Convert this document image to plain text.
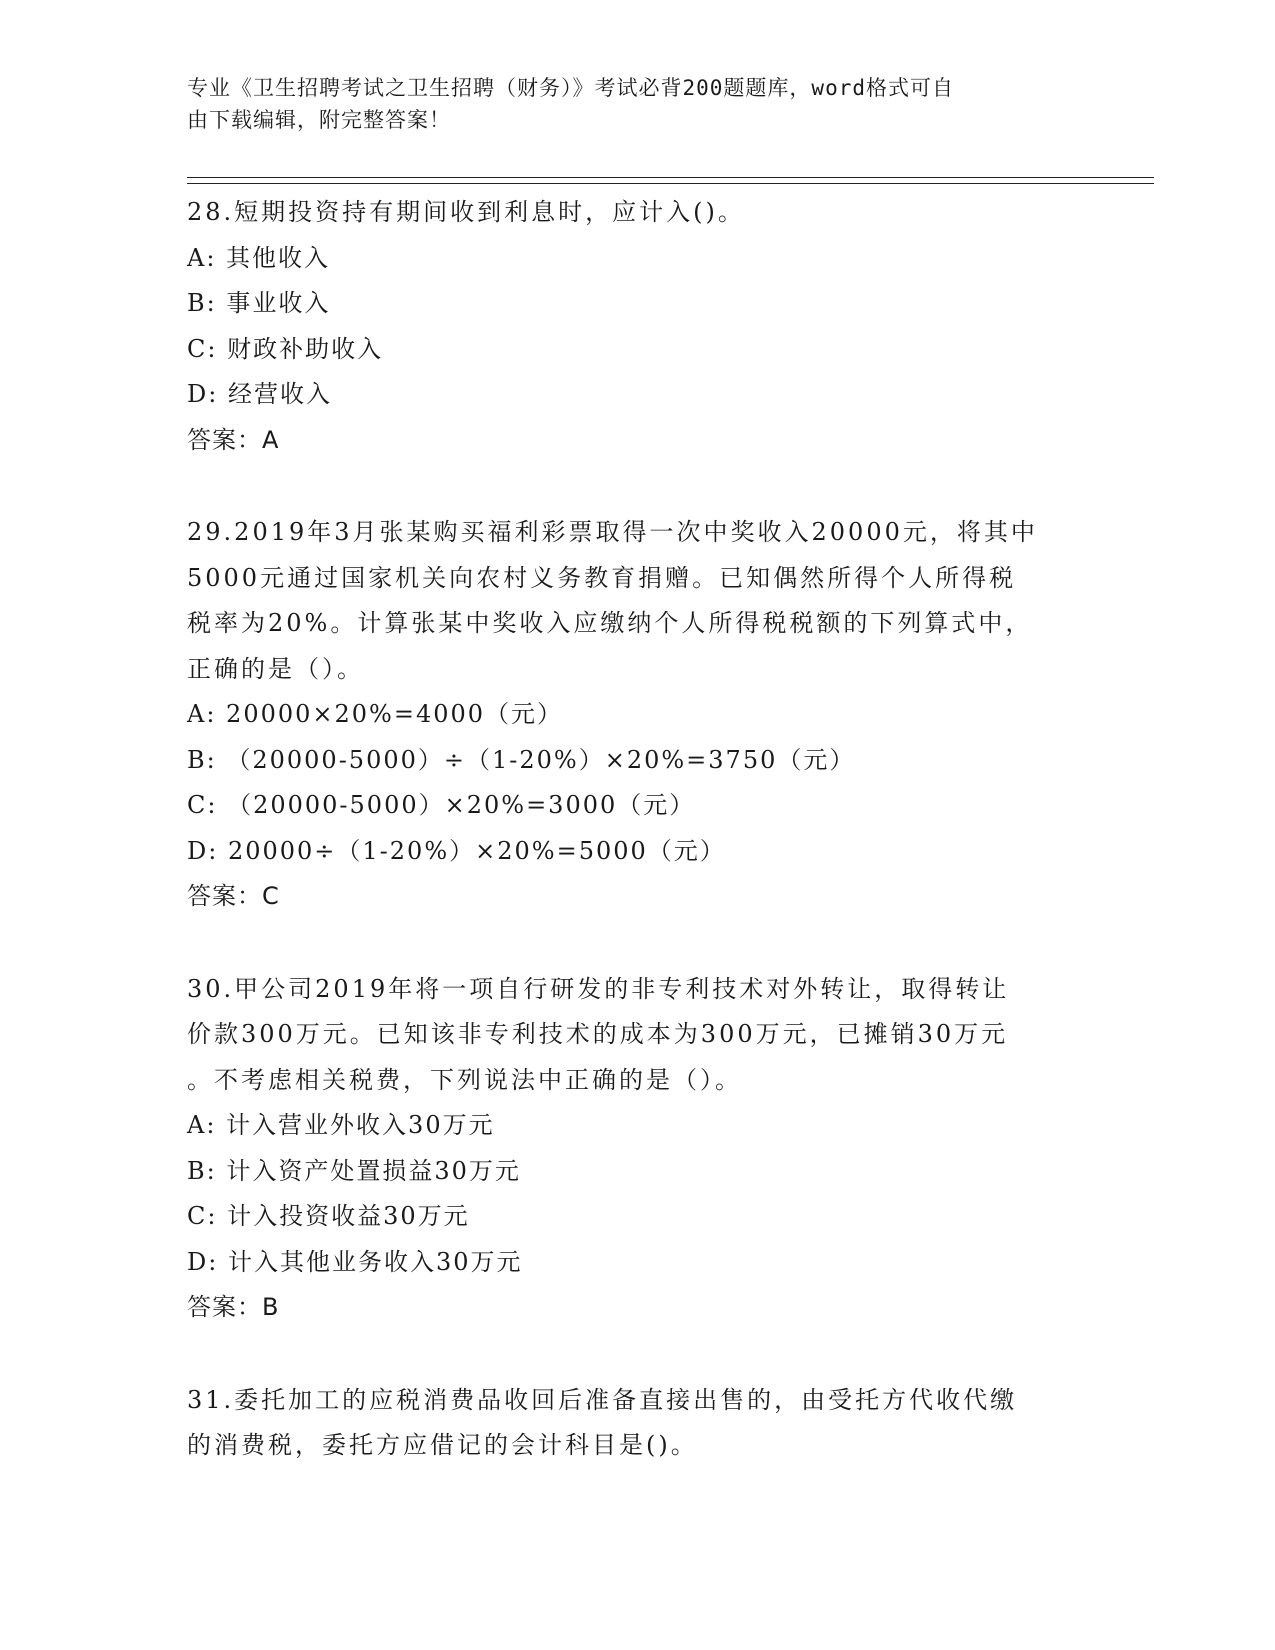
专业《卫生招聘考试之卫生招聘（财务）》考试必背200题题库，word格式可自
由下载编辑，附完整答案！

28.短期投资持有期间收到利息时，应计入()。

A: 其他收入

B: 事业收入

C: 财政补助收入

D: 经营收入

答案：A

29.2019年3月张某购买福利彩票取得一次中奖收入20000元，将其中

5000元通过国家机关向农村义务教育捐赠。已知偶然所得个人所得税

税率为20%。计算张某中奖收入应缴纳个人所得税税额的下列算式中，

正确的是（）。

A: 20000×20%=4000（元）

B: （20000-5000）÷（1-20%）×20%=3750（元）

C: （20000-5000）×20%=3000（元）

D: 20000÷（1-20%）×20%=5000（元）

答案：C

30.甲公司2019年将一项自行研发的非专利技术对外转让，取得转让

价款300万元。已知该非专利技术的成本为300万元，已摊销30万元

。不考虑相关税费，下列说法中正确的是（）。

A: 计入营业外收入30万元

B: 计入资产处置损益30万元

C: 计入投资收益30万元

D: 计入其他业务收入30万元

答案：B

31.委托加工的应税消费品收回后准备直接出售的，由受托方代收代缴

的消费税，委托方应借记的会计科目是()。
